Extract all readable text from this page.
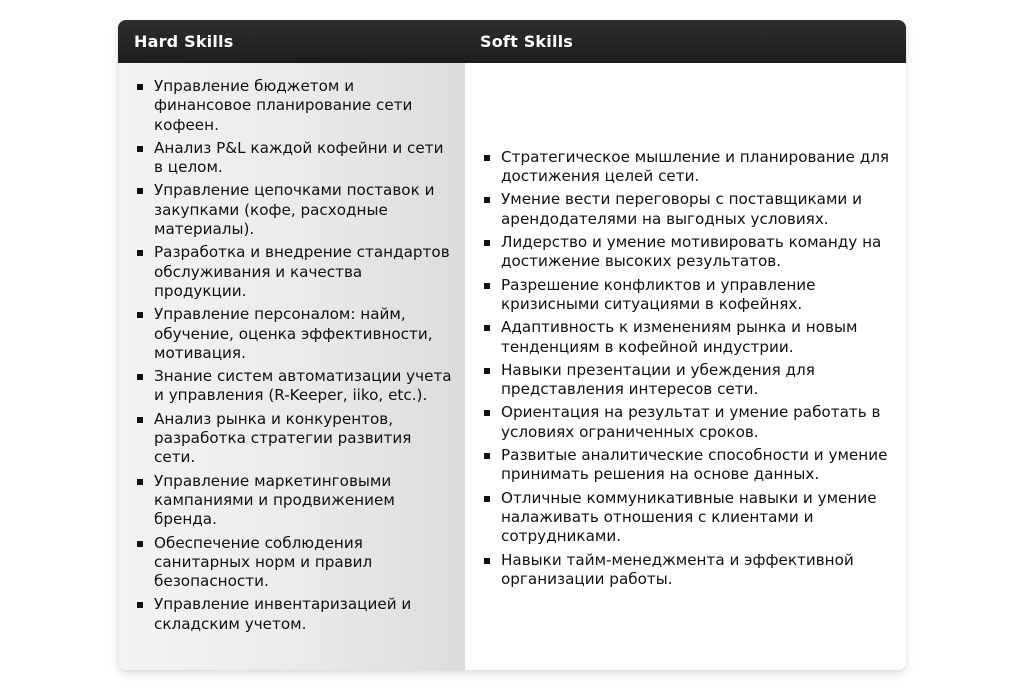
Hard Skills	Soft Skills
Управление бюджетом и финансовое планирование сети кофеен.
Анализ P&L каждой кофейни и сети в целом.
Управление цепочками поставок и закупками (кофе, расходные материалы).
Разработка и внедрение стандартов обслуживания и качества продукции.
Управление персоналом: найм, обучение, оценка эффективности, мотивация.
Знание систем автоматизации учета и управления (R-Keeper, iiko, etc.).
Анализ рынка и конкурентов, разработка стратегии развития сети.
Управление маркетинговыми кампаниями и продвижением бренда.
Обеспечение соблюдения санитарных норм и правил безопасности.
Управление инвентаризацией и складским учетом.
Стратегическое мышление и планирование для достижения целей сети.
Умение вести переговоры с поставщиками и арендодателями на выгодных условиях.
Лидерство и умение мотивировать команду на достижение высоких результатов.
Разрешение конфликтов и управление кризисными ситуациями в кофейнях.
Адаптивность к изменениям рынка и новым тенденциям в кофейной индустрии.
Навыки презентации и убеждения для представления интересов сети.
Ориентация на результат и умение работать в условиях ограниченных сроков.
Развитые аналитические способности и умение принимать решения на основе данных.
Отличные коммуникативные навыки и умение налаживать отношения с клиентами и сотрудниками.
Навыки тайм-менеджмента и эффективной организации работы.
